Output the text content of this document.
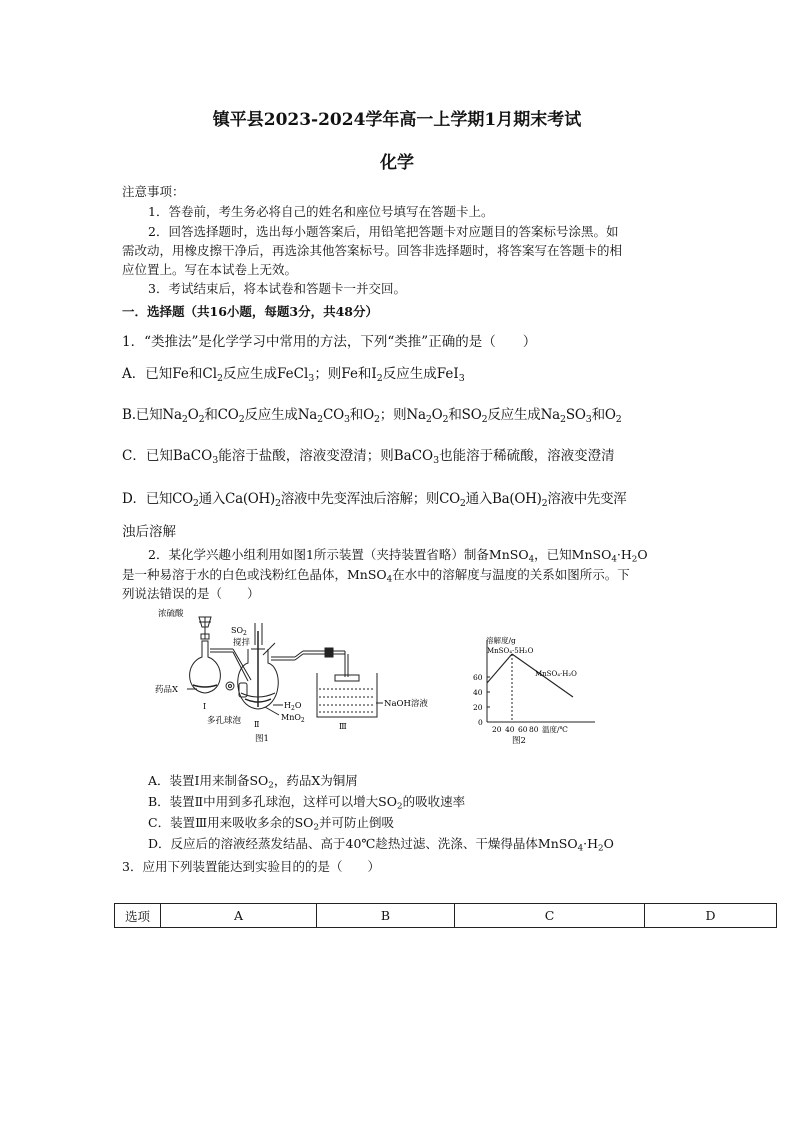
镇平县2023-2024学年高一上学期1月期末考试
化学
注意事项：
1．答卷前，考生务必将自己的姓名和座位号填写在答题卡上。
2．回答选择题时，选出每小题答案后，用铅笔把答题卡对应题目的答案标号涂黑。如
需改动，用橡皮擦干净后，再选涂其他答案标号。回答非选择题时，将答案写在答题卡的相
应位置上。写在本试卷上无效。
3．考试结束后，将本试卷和答题卡一并交回。
一．选择题（共16小题，每题3分，共48分）
1．“类推法”是化学学习中常用的方法，下列“类推”正确的是（　　）
A．已知Fe和$Cl_2$反应生成FeCl$_3$；则Fe和$I_2$反应生成FeI$_3$
B.已知$Na_2O_2$和$CO_2$反应生成$Na_2CO_3$和$O_2$；则$Na_2O_2$和$SO_2$反应生成$Na_2SO_3$和$O_2$
C．已知BaCO$_3$能溶于盐酸，溶液变澄清；则BaCO$_3$也能溶于稀硫酸，溶液变澄清
D．已知$CO_2$通入$Ca(OH)_2$溶液中先变浑浊后溶解；则$CO_2$通入$Ba(OH)_2$溶液中先变浑
浊后溶解
2．某化学兴趣小组利用如图1所示装置（夹持装置省略）制备MnSO$_4$，已知$MnSO_4\cdot H_2O$
是一种易溶于水的白色或浅粉红色晶体，MnSO$_4$在水中的溶解度与温度的关系如图所示。下
列说法错误的是（　　）
浓硫酸
$SO_2$
搅拌
药品X
Ⅰ
多孔球泡
$H_2O$
MnO$_2$
Ⅱ
NaOH溶液
Ⅲ
图1
溶解度/g
MnSO₄·5H₂O
MnSO₄·H₂O
60
40
20
0
20 40 60 80 温度/℃
图2
A．装置Ⅰ用来制备$SO_2$，药品X为铜屑
B．装置Ⅱ中用到多孔球泡，这样可以增大$SO_2$的吸收速率
C．装置Ⅲ用来吸收多余的$SO_2$并可防止倒吸
D．反应后的溶液经蒸发结晶、高于40℃趁热过滤、洗涤、干燥得晶体$MnSO_4\cdot H_2O$
3．应用下列装置能达到实验目的的是（　　）
选项	A	B	C	D
